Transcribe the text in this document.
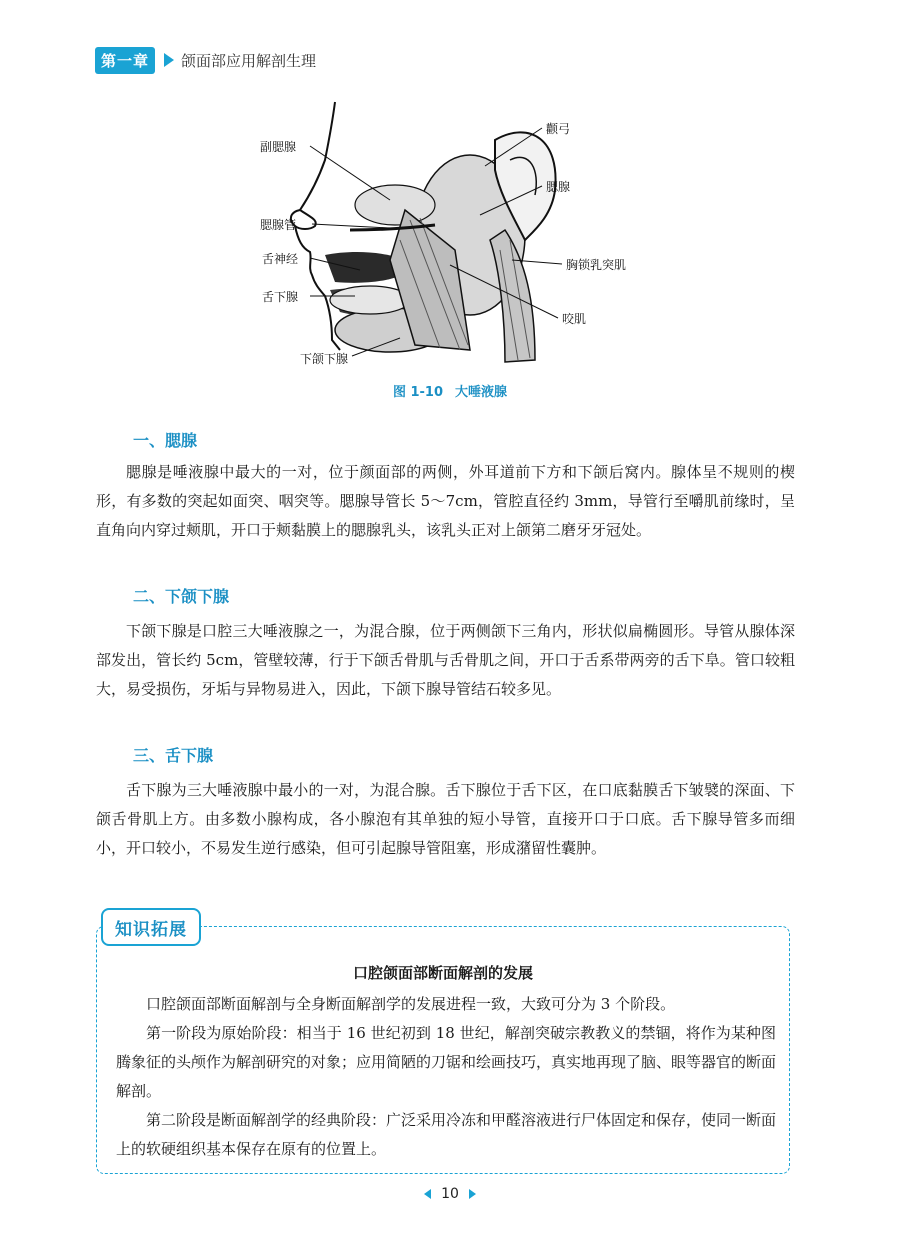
第一章	颌面部应用解剖生理
副腮腺
腮腺管
舌神经
舌下腺
下颌下腺
颧弓
腮腺
胸锁乳突肌
咬肌
图 1-10 大唾液腺
一、腮腺

腮腺是唾液腺中最大的一对，位于颜面部的两侧，外耳道前下方和下颌后窝内。腺体呈不规则的楔形，有多数的突起如面突、咽突等。腮腺导管长 5～7cm，管腔直径约 3mm，导管行至嚼肌前缘时，呈直角向内穿过颊肌，开口于颊黏膜上的腮腺乳头，该乳头正对上颌第二磨牙牙冠处。

二、下颌下腺

下颌下腺是口腔三大唾液腺之一，为混合腺，位于两侧颌下三角内，形状似扁椭圆形。导管从腺体深部发出，管长约 5cm，管壁较薄，行于下颌舌骨肌与舌骨肌之间，开口于舌系带两旁的舌下阜。管口较粗大，易受损伤，牙垢与异物易进入，因此，下颌下腺导管结石较多见。

三、舌下腺

舌下腺为三大唾液腺中最小的一对，为混合腺。舌下腺位于舌下区，在口底黏膜舌下皱襞的深面、下颌舌骨肌上方。由多数小腺构成，各小腺泡有其单独的短小导管，直接开口于口底。舌下腺导管多而细小，开口较小，不易发生逆行感染，但可引起腺导管阻塞，形成潴留性囊肿。

知识拓展
口腔颌面部断面解剖的发展

口腔颌面部断面解剖与全身断面解剖学的发展进程一致，大致可分为 3 个阶段。

第一阶段为原始阶段：相当于 16 世纪初到 18 世纪，解剖突破宗教教义的禁锢，将作为某种图腾象征的头颅作为解剖研究的对象；应用简陋的刀锯和绘画技巧，真实地再现了脑、眼等器官的断面解剖。

第二阶段是断面解剖学的经典阶段：广泛采用冷冻和甲醛溶液进行尸体固定和保存，使同一断面上的软硬组织基本保存在原有的位置上。

10
